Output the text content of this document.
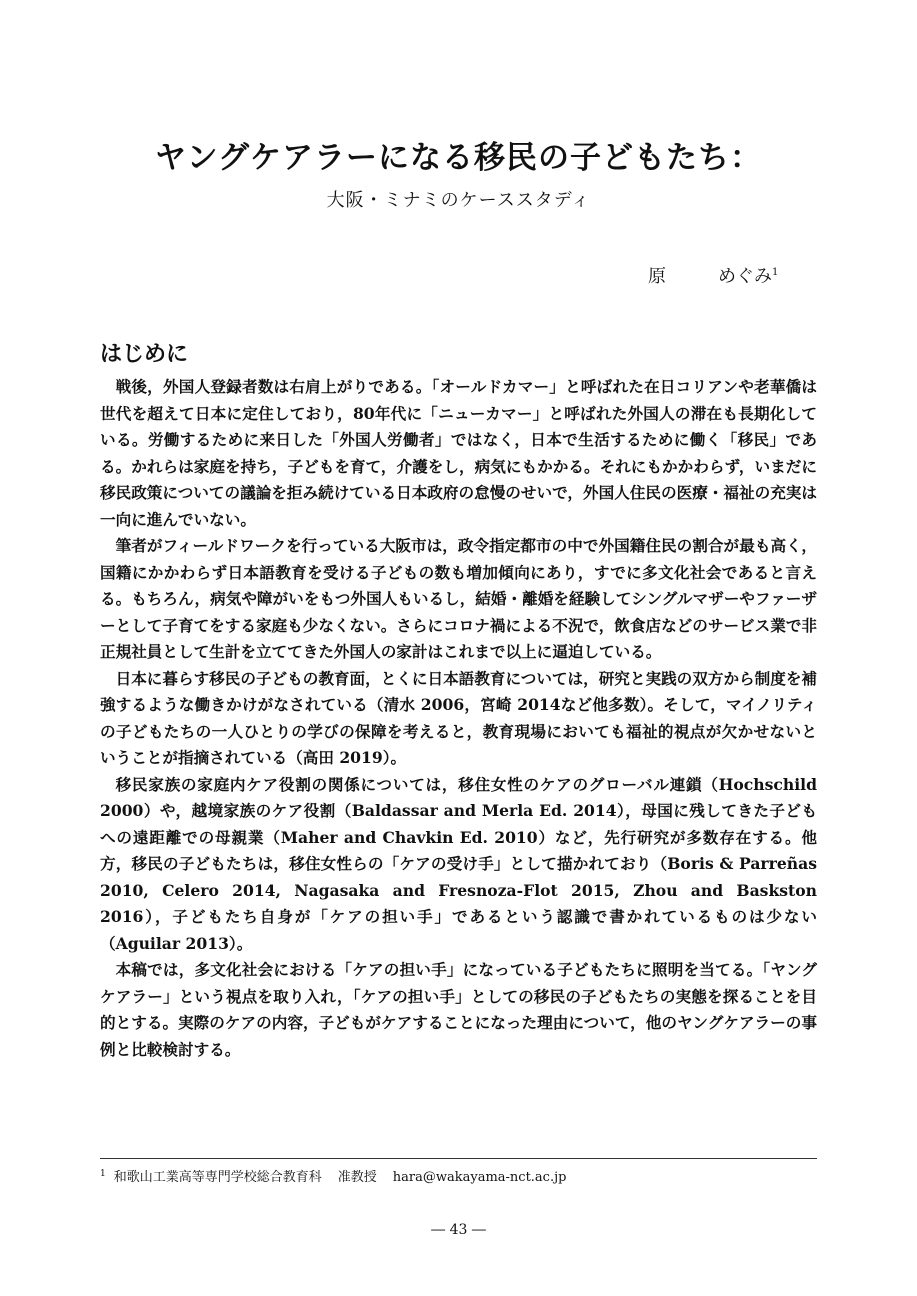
ヤングケアラーになる移民の子どもたち：
大阪・ミナミのケーススタディ
原	めぐみ$^1$
はじめに

戦後，外国人登録者数は右肩上がりである。「オールドカマー」と呼ばれた在日コリアンや老華僑は世代を超えて日本に定住しており，80年代に「ニューカマー」と呼ばれた外国人の滞在も長期化している。労働するために来日した「外国人労働者」ではなく，日本で生活するために働く「移民」である。かれらは家庭を持ち，子どもを育て，介護をし，病気にもかかる。それにもかかわらず，いまだに移民政策についての議論を拒み続けている日本政府の怠慢のせいで，外国人住民の医療・福祉の充実は一向に進んでいない。

筆者がフィールドワークを行っている大阪市は，政令指定都市の中で外国籍住民の割合が最も高く，国籍にかかわらず日本語教育を受ける子どもの数も増加傾向にあり，すでに多文化社会であると言える。もちろん，病気や障がいをもつ外国人もいるし，結婚・離婚を経験してシングルマザーやファーザーとして子育てをする家庭も少なくない。さらにコロナ禍による不況で，飲食店などのサービス業で非正規社員として生計を立ててきた外国人の家計はこれまで以上に逼迫している。

日本に暮らす移民の子どもの教育面，とくに日本語教育については，研究と実践の双方から制度を補強するような働きかけがなされている（清水 2006，宮崎 2014など他多数）。そして，マイノリティの子どもたちの一人ひとりの学びの保障を考えると，教育現場においても福祉的視点が欠かせないということが指摘されている（高田 2019）。

移民家族の家庭内ケア役割の関係については，移住女性のケアのグローバル連鎖（Hochschild 2000）や，越境家族のケア役割（Baldassar and Merla Ed. 2014），母国に残してきた子どもへの遠距離での母親業（Maher and Chavkin Ed. 2010）など，先行研究が多数存在する。他方，移民の子どもたちは，移住女性らの「ケアの受け手」として描かれており（Boris & Parreñas 2010, Celero 2014, Nagasaka and Fresnoza-Flot 2015, Zhou and Baskston 2016），子どもたち自身が「ケアの担い手」であるという認識で書かれているものは少ない（Aguilar 2013）。

本稿では，多文化社会における「ケアの担い手」になっている子どもたちに照明を当てる。「ヤングケアラー」という視点を取り入れ，「ケアの担い手」としての移民の子どもたちの実態を探ることを目的とする。実際のケアの内容，子どもがケアすることになった理由について，他のヤングケアラーの事例と比較検討する。

$^1$ 和歌山工業高等専門学校総合教育科 准教授 hara@wakayama-nct.ac.jp
― 43 ―
